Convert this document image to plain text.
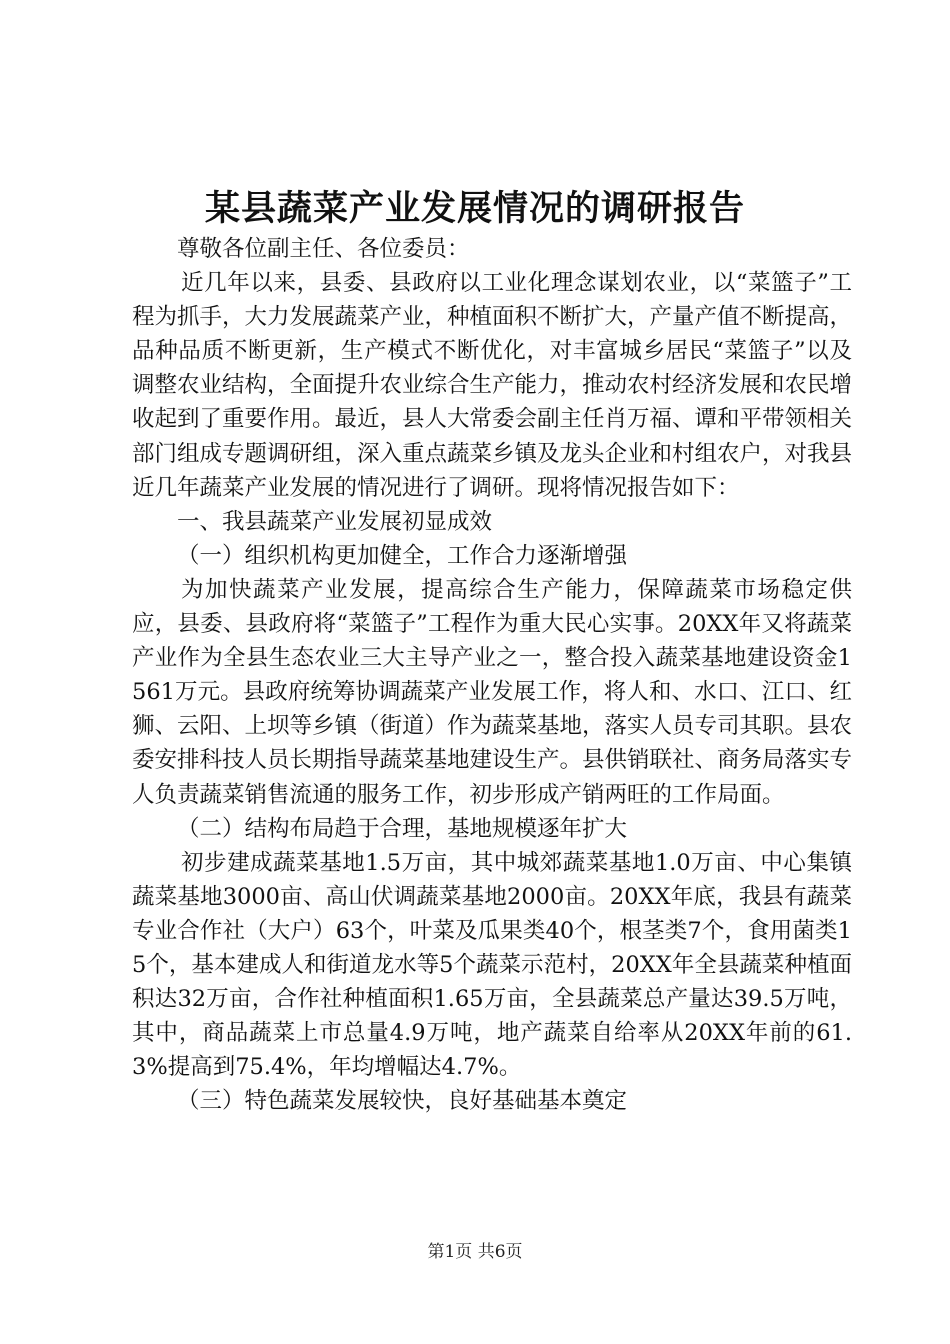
某县蔬菜产业发展情况的调研报告

尊敬各位副主任、各位委员：

近几年以来，县委、县政府以工业化理念谋划农业，以“菜篮子”工程为抓手，大力发展蔬菜产业，种植面积不断扩大，产量产值不断提高，品种品质不断更新，生产模式不断优化，对丰富城乡居民“菜篮子”以及调整农业结构，全面提升农业综合生产能力，推动农村经济发展和农民增收起到了重要作用。最近，县人大常委会副主任肖万福、谭和平带领相关部门组成专题调研组，深入重点蔬菜乡镇及龙头企业和村组农户，对我县近几年蔬菜产业发展的情况进行了调研。现将情况报告如下：

一、我县蔬菜产业发展初显成效

（一）组织机构更加健全，工作合力逐渐增强

为加快蔬菜产业发展，提高综合生产能力，保障蔬菜市场稳定供应，县委、县政府将“菜篮子”工程作为重大民心实事。20XX年又将蔬菜产业作为全县生态农业三大主导产业之一，整合投入蔬菜基地建设资金1561万元。县政府统筹协调蔬菜产业发展工作，将人和、水口、江口、红狮、云阳、上坝等乡镇（街道）作为蔬菜基地，落实人员专司其职。县农委安排科技人员长期指导蔬菜基地建设生产。县供销联社、商务局落实专人负责蔬菜销售流通的服务工作，初步形成产销两旺的工作局面。

（二）结构布局趋于合理，基地规模逐年扩大

初步建成蔬菜基地1.5万亩，其中城郊蔬菜基地1.0万亩、中心集镇蔬菜基地3000亩、高山伏调蔬菜基地2000亩。20XX年底，我县有蔬菜专业合作社（大户）63个，叶菜及瓜果类40个，根茎类7个，食用菌类15个，基本建成人和街道龙水等5个蔬菜示范村，20XX年全县蔬菜种植面积达32万亩，合作社种植面积1.65万亩，全县蔬菜总产量达39.5万吨，其中，商品蔬菜上市总量4.9万吨，地产蔬菜自给率从20XX年前的61.3%提高到75.4%，年均增幅达4.7%。

（三）特色蔬菜发展较快，良好基础基本奠定

第1页 共6页
